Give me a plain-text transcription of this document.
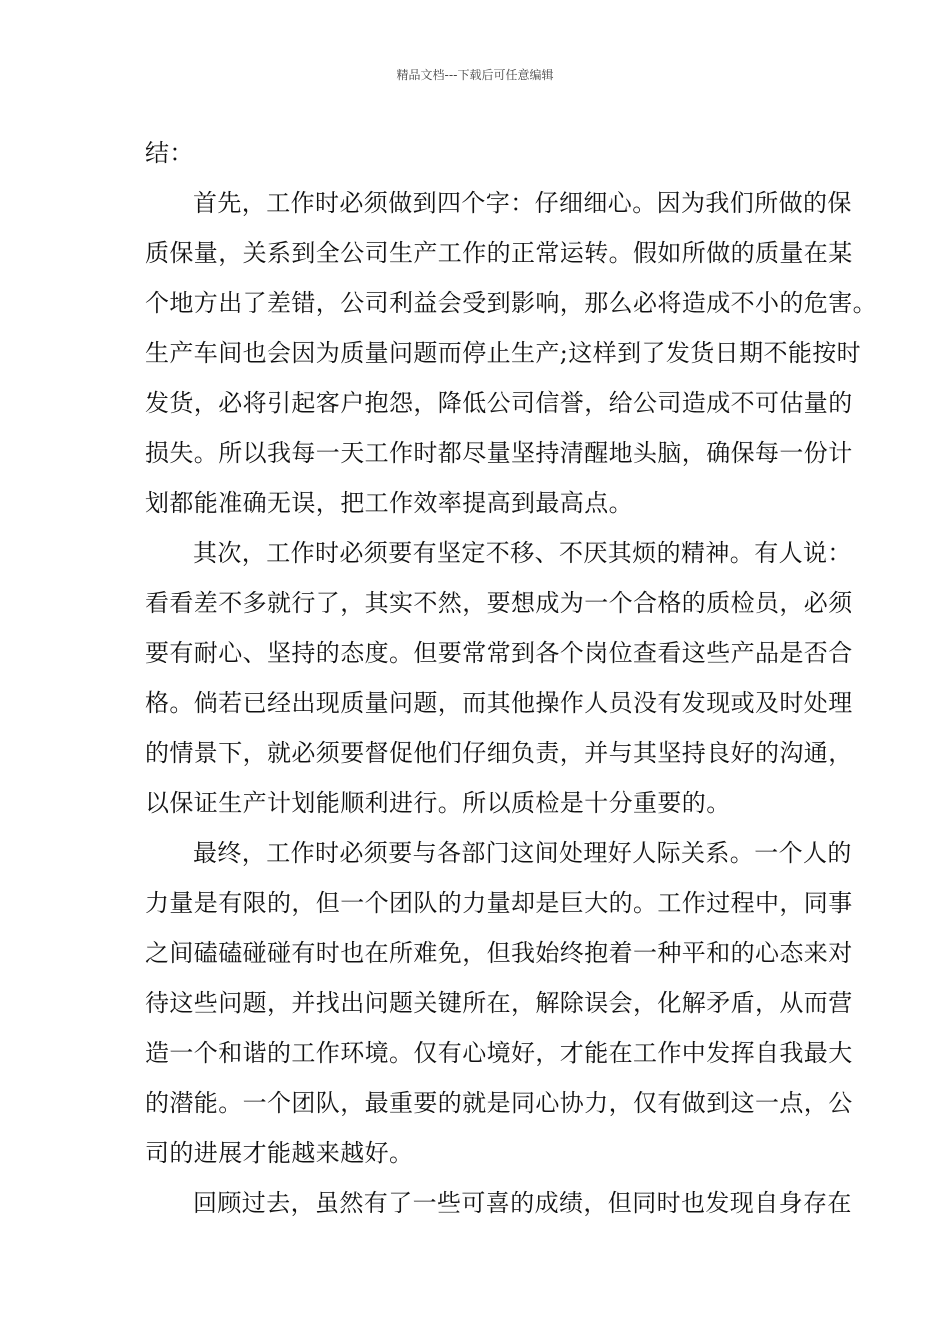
精品文档---下载后可任意编辑
结：
首先，工作时必须做到四个字：仔细细心。因为我们所做的保
质保量，关系到全公司生产工作的正常运转。假如所做的质量在某
个地方出了差错，公司利益会受到影响，那么必将造成不小的危害。
生产车间也会因为质量问题而停止生产;这样到了发货日期不能按时
发货，必将引起客户抱怨，降低公司信誉，给公司造成不可估量的
损失。所以我每一天工作时都尽量坚持清醒地头脑，确保每一份计
划都能准确无误，把工作效率提高到最高点。
其次，工作时必须要有坚定不移、不厌其烦的精神。有人说：
看看差不多就行了，其实不然，要想成为一个合格的质检员，必须
要有耐心、坚持的态度。但要常常到各个岗位查看这些产品是否合
格。倘若已经出现质量问题，而其他操作人员没有发现或及时处理
的情景下，就必须要督促他们仔细负责，并与其坚持良好的沟通，
以保证生产计划能顺利进行。所以质检是十分重要的。
最终，工作时必须要与各部门这间处理好人际关系。一个人的
力量是有限的，但一个团队的力量却是巨大的。工作过程中，同事
之间磕磕碰碰有时也在所难免，但我始终抱着一种平和的心态来对
待这些问题，并找出问题关键所在，解除误会，化解矛盾，从而营
造一个和谐的工作环境。仅有心境好，才能在工作中发挥自我最大
的潜能。一个团队，最重要的就是同心协力，仅有做到这一点，公
司的进展才能越来越好。
回顾过去，虽然有了一些可喜的成绩，但同时也发现自身存在
